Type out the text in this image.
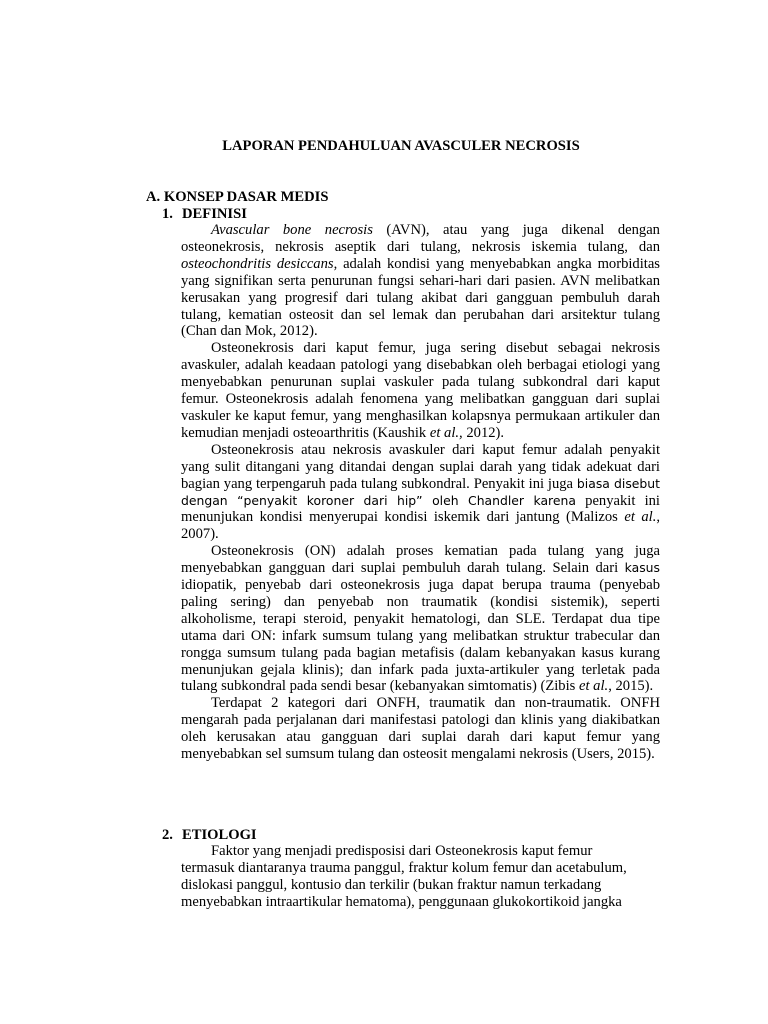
LAPORAN PENDAHULUAN AVASCULER NECROSIS
A. KONSEP DASAR MEDIS
1. DEFINISI

Avascular bone necrosis (AVN), atau yang juga dikenal dengan osteonekrosis, nekrosis aseptik dari tulang, nekrosis iskemia tulang, dan osteochondritis desiccans, adalah kondisi yang menyebabkan angka morbiditas yang signifikan serta penurunan fungsi sehari-hari dari pasien. AVN melibatkan kerusakan yang progresif dari tulang akibat dari gangguan pembuluh darah tulang, kematian osteosit dan sel lemak dan perubahan dari arsitektur tulang (Chan dan Mok, 2012).

Osteonekrosis dari kaput femur, juga sering disebut sebagai nekrosis avaskuler, adalah keadaan patologi yang disebabkan oleh berbagai etiologi yang menyebabkan penurunan suplai vaskuler pada tulang subkondral dari kaput femur. Osteonekrosis adalah fenomena yang melibatkan gangguan dari suplai vaskuler ke kaput femur, yang menghasilkan kolapsnya permukaan artikuler dan kemudian menjadi osteoarthritis (Kaushik et al., 2012).

Osteonekrosis atau nekrosis avaskuler dari kaput femur adalah penyakit yang sulit ditangani yang ditandai dengan suplai darah yang tidak adekuat dari bagian yang terpengaruh pada tulang subkondral. Penyakit ini juga biasa disebut dengan “penyakit koroner dari hip” oleh Chandler karena penyakit ini menunjukan kondisi menyerupai kondisi iskemik dari jantung (Malizos et al., 2007).

Osteonekrosis (ON) adalah proses kematian pada tulang yang juga menyebabkan gangguan dari suplai pembuluh darah tulang. Selain dari kasus idiopatik, penyebab dari osteonekrosis juga dapat berupa trauma (penyebab paling sering) dan penyebab non traumatik (kondisi sistemik), seperti alkoholisme, terapi steroid, penyakit hematologi, dan SLE. Terdapat dua tipe utama dari ON: infark sumsum tulang yang melibatkan struktur trabecular dan rongga sumsum tulang pada bagian metafisis (dalam kebanyakan kasus kurang menunjukan gejala klinis); dan infark pada juxta-artikuler yang terletak pada tulang subkondral pada sendi besar (kebanyakan simtomatis) (Zibis et al., 2015).

Terdapat 2 kategori dari ONFH, traumatik dan non-traumatik. ONFH mengarah pada perjalanan dari manifestasi patologi dan klinis yang diakibatkan oleh kerusakan atau gangguan dari suplai darah dari kaput femur yang menyebabkan sel sumsum tulang dan osteosit mengalami nekrosis (Users, 2015).

2. ETIOLOGI
Faktor yang menjadi predisposisi dari Osteonekrosis kaput femur
termasuk diantaranya trauma panggul, fraktur kolum femur dan acetabulum,
dislokasi panggul, kontusio dan terkilir (bukan fraktur namun terkadang
menyebabkan intraartikular hematoma), penggunaan glukokortikoid jangka
